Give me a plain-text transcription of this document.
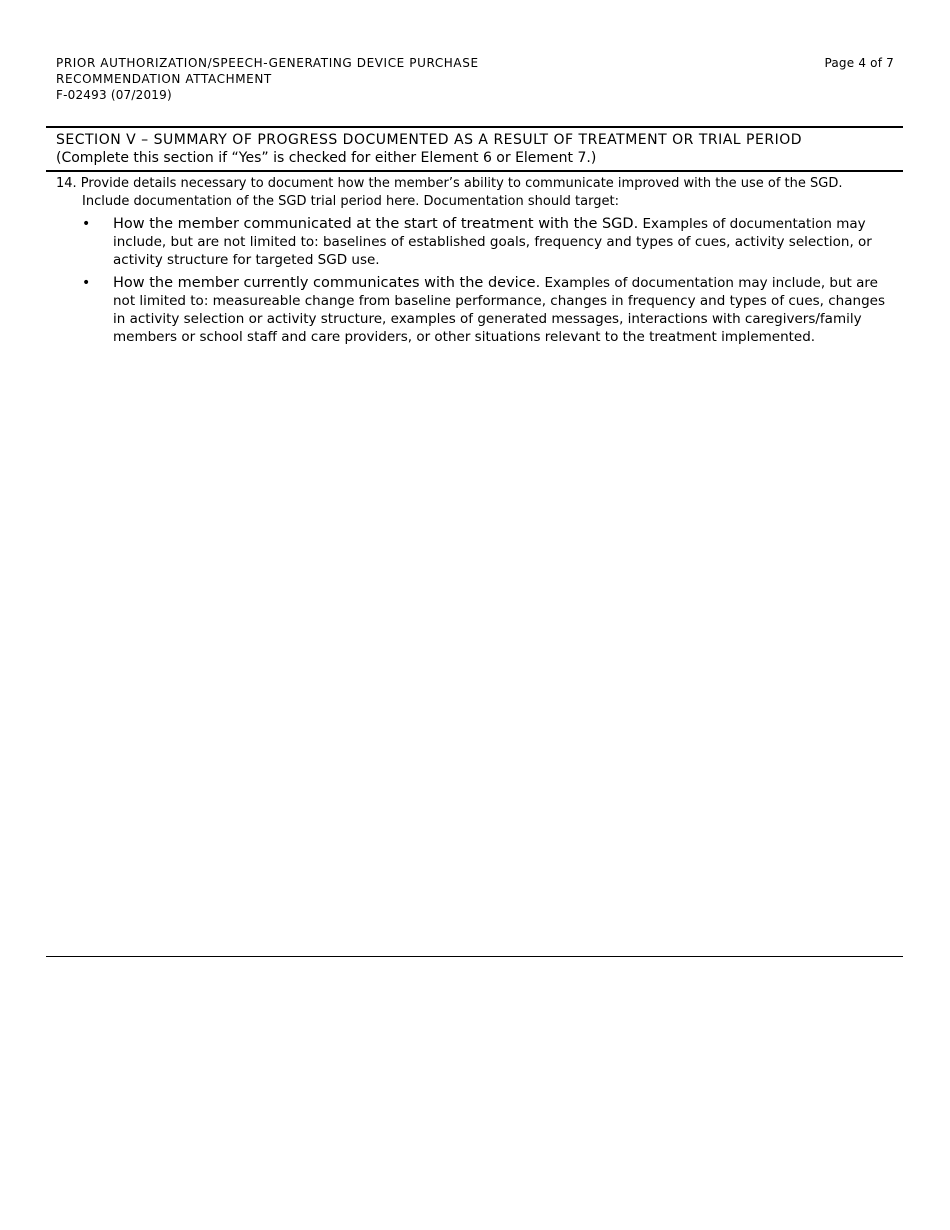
PRIOR AUTHORIZATION/SPEECH-GENERATING DEVICE PURCHASE
RECOMMENDATION ATTACHMENT
F-02493 (07/2019)
Page 4 of 7
SECTION V – SUMMARY OF PROGRESS DOCUMENTED AS A RESULT OF TREATMENT OR TRIAL PERIOD
(Complete this section if “Yes” is checked for either Element 6 or Element 7.)
14. Provide details necessary to document how the member’s ability to communicate improved with the use of the SGD.
Include documentation of the SGD trial period here. Documentation should target:
• How the member communicated at the start of treatment with the SGD. Examples of documentation may include, but are not limited to: baselines of established goals, frequency and types of cues, activity selection, or activity structure for targeted SGD use.
• How the member currently communicates with the device. Examples of documentation may include, but are not limited to: measureable change from baseline performance, changes in frequency and types of cues, changes in activity selection or activity structure, examples of generated messages, interactions with caregivers/family members or school staff and care providers, or other situations relevant to the treatment implemented.
